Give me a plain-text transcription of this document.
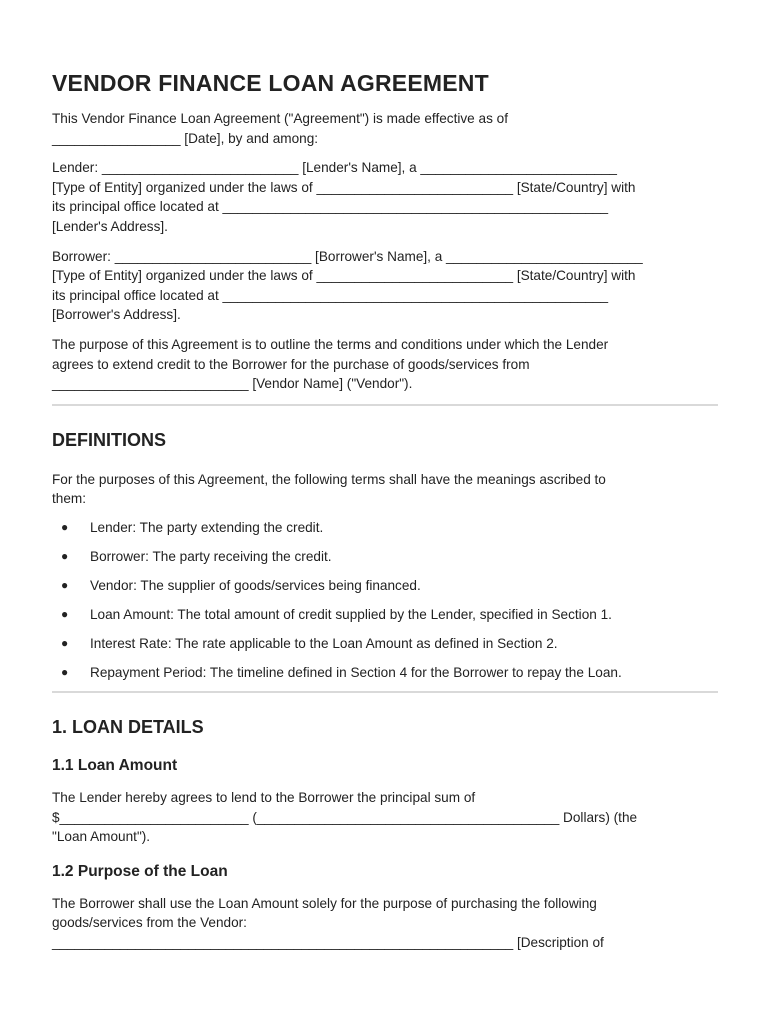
VENDOR FINANCE LOAN AGREEMENT

This Vendor Finance Loan Agreement ("Agreement") is made effective as of
_________________ [Date], by and among:

Lender: __________________________ [Lender's Name], a __________________________
[Type of Entity] organized under the laws of __________________________ [State/Country] with
its principal office located at ___________________________________________________
[Lender's Address].

Borrower: __________________________ [Borrower's Name], a __________________________
[Type of Entity] organized under the laws of __________________________ [State/Country] with
its principal office located at ___________________________________________________
[Borrower's Address].

The purpose of this Agreement is to outline the terms and conditions under which the Lender
agrees to extend credit to the Borrower for the purchase of goods/services from
__________________________ [Vendor Name] ("Vendor").

DEFINITIONS

For the purposes of this Agreement, the following terms shall have the meanings ascribed to
them:

● Lender: The party extending the credit.
● Borrower: The party receiving the credit.
● Vendor: The supplier of goods/services being financed.
● Loan Amount: The total amount of credit supplied by the Lender, specified in Section 1.
● Interest Rate: The rate applicable to the Loan Amount as defined in Section 2.
● Repayment Period: The timeline defined in Section 4 for the Borrower to repay the Loan.
1. LOAN DETAILS
1.1 Loan Amount

The Lender hereby agrees to lend to the Borrower the principal sum of
$_________________________ (________________________________________ Dollars) (the
"Loan Amount").

1.2 Purpose of the Loan

The Borrower shall use the Loan Amount solely for the purpose of purchasing the following
goods/services from the Vendor:
_____________________________________________________________ [Description of
